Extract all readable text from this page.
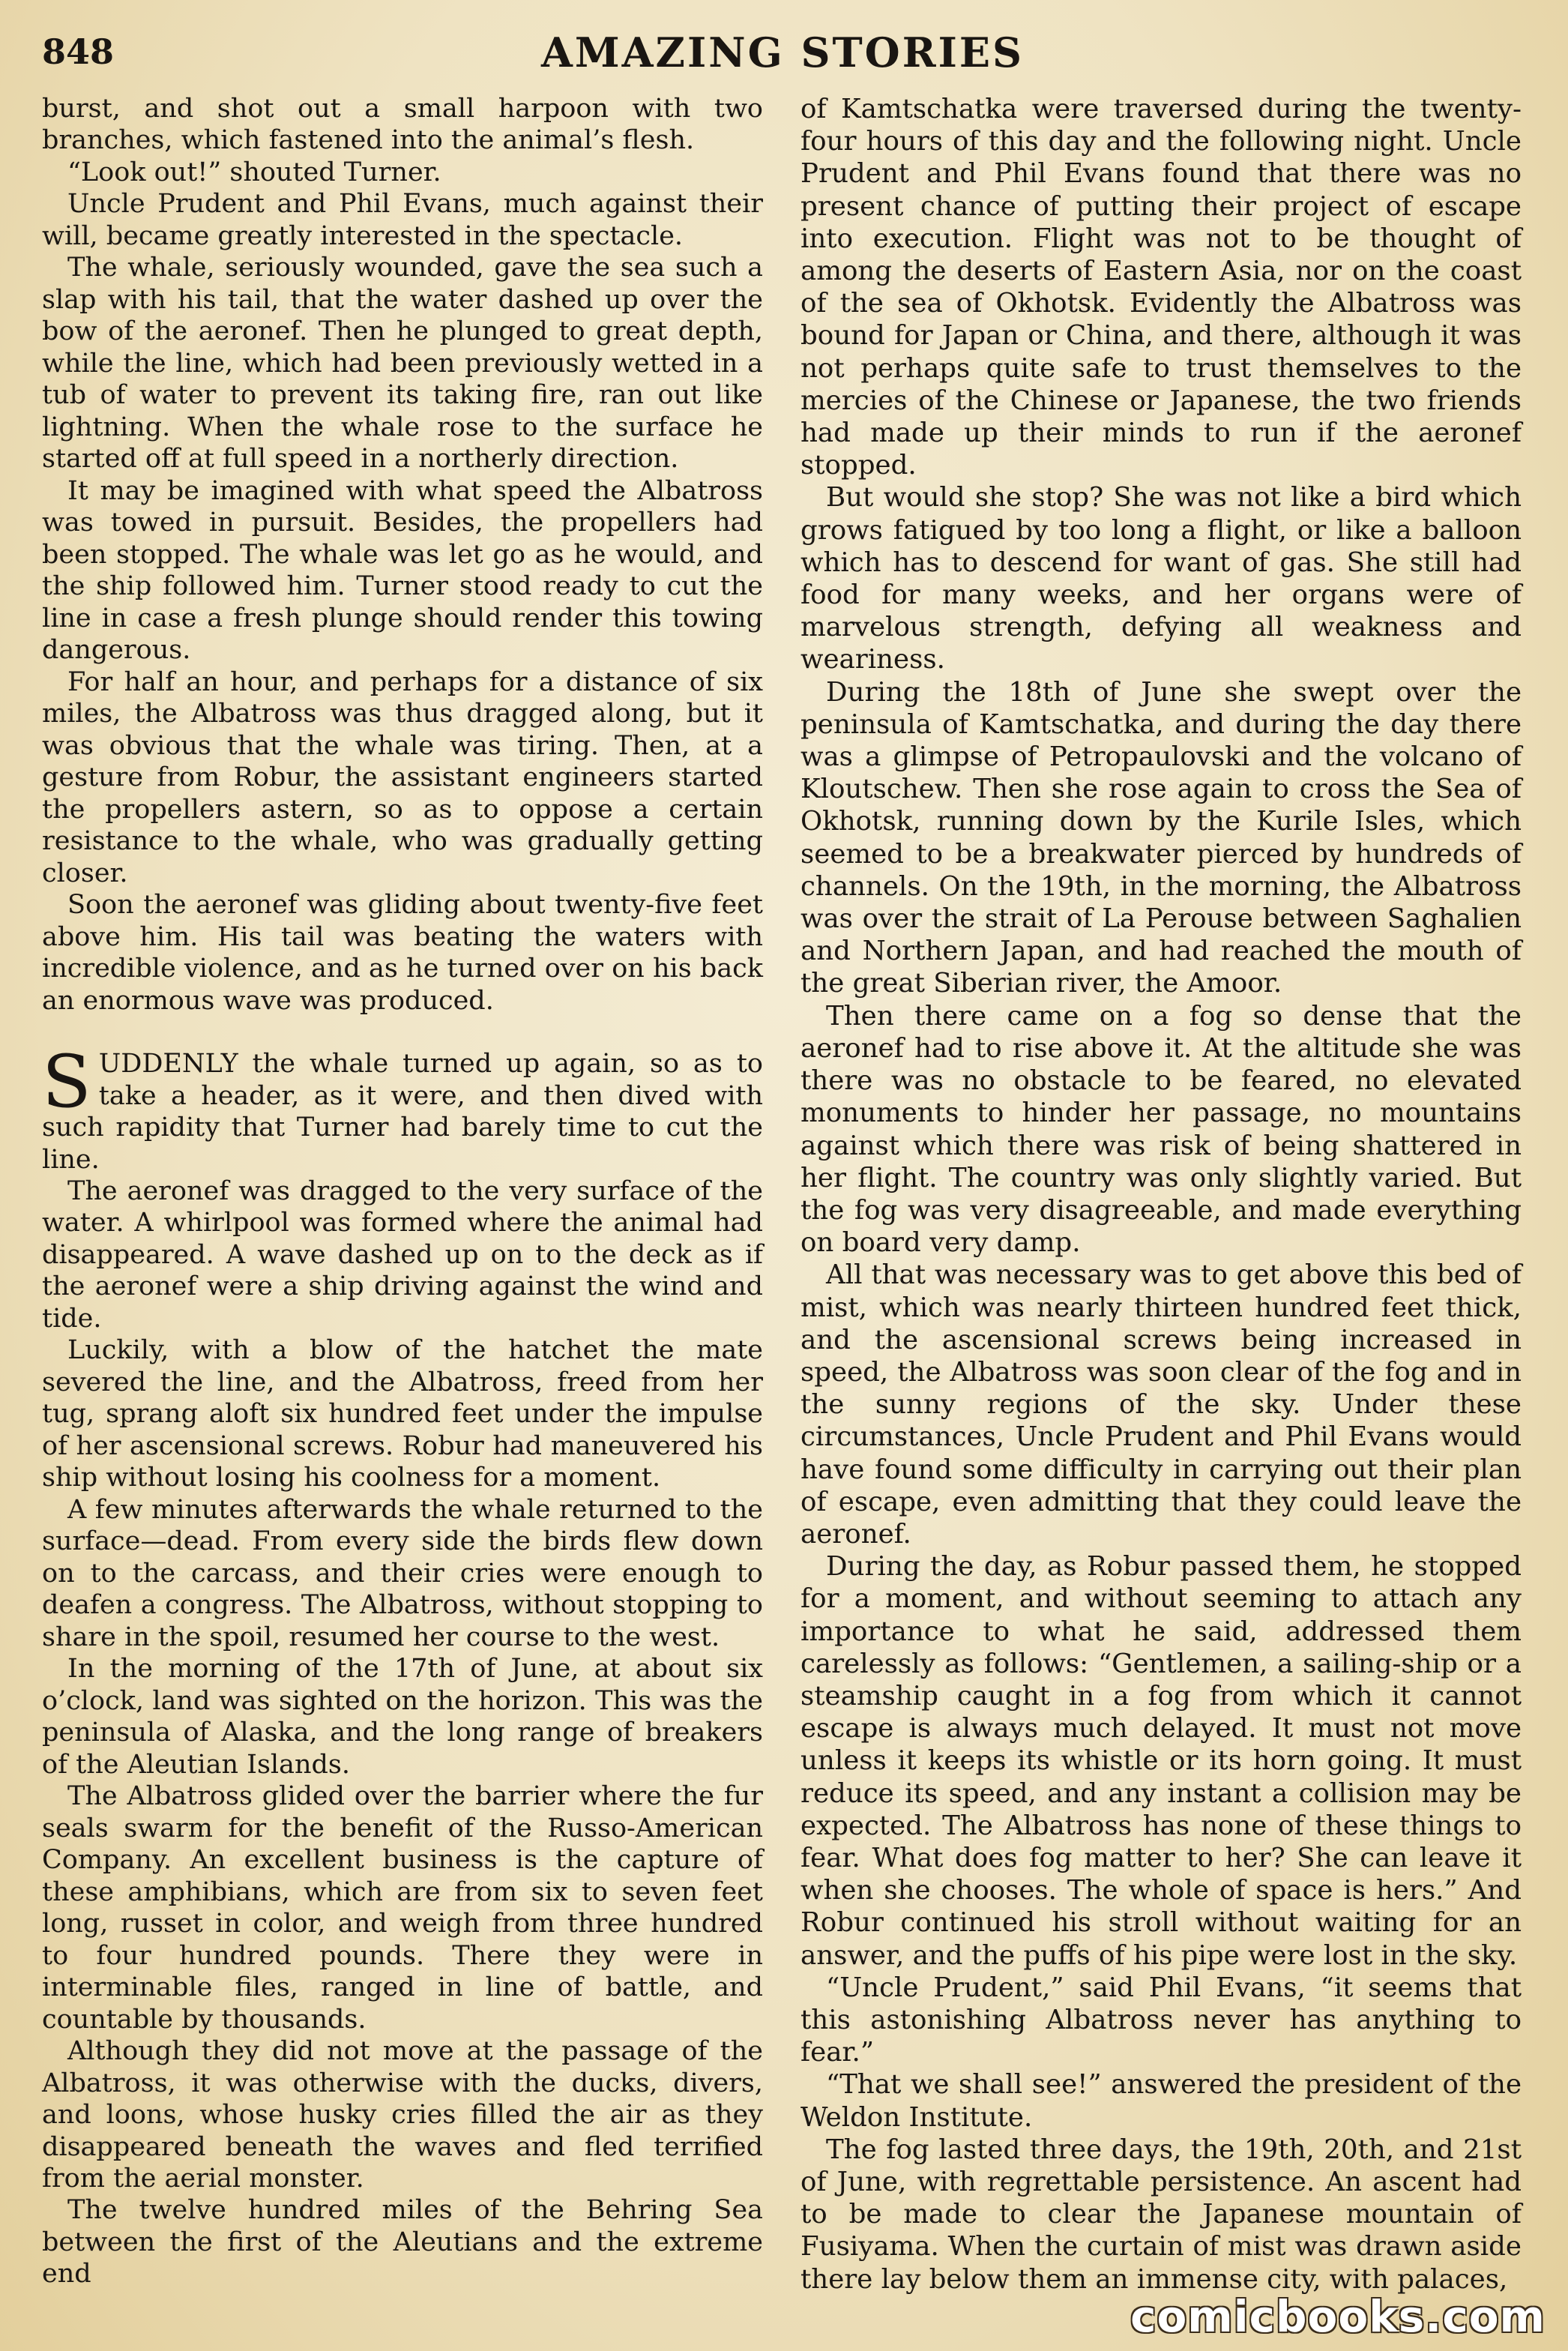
848	AMAZING STORIES

burst, and shot out a small harpoon with two branches, which fastened into the animal’s flesh.

“Look out!” shouted Turner.

Uncle Prudent and Phil Evans, much against their will, became greatly interested in the spectacle.

The whale, seriously wounded, gave the sea such a slap with his tail, that the water dashed up over the bow of the aeronef. Then he plunged to great depth, while the line, which had been previously wetted in a tub of water to prevent its taking fire, ran out like lightning. When the whale rose to the surface he started off at full speed in a northerly direction.

It may be imagined with what speed the Albatross was towed in pursuit. Besides, the propellers had been stopped. The whale was let go as he would, and the ship followed him. Turner stood ready to cut the line in case a fresh plunge should render this towing dangerous.

For half an hour, and perhaps for a distance of six miles, the Albatross was thus dragged along, but it was obvious that the whale was tiring. Then, at a gesture from Robur, the assistant engineers started the propellers astern, so as to oppose a certain resistance to the whale, who was gradually getting closer.

Soon the aeronef was gliding about twenty-five feet above him. His tail was beating the waters with incredible violence, and as he turned over on his back an enormous wave was produced.

SUDDENLY the whale turned up again, so as to take a header, as it were, and then dived with such rapidity that Turner had barely time to cut the line.

The aeronef was dragged to the very surface of the water. A whirlpool was formed where the animal had disappeared. A wave dashed up on to the deck as if the aeronef were a ship driving against the wind and tide.

Luckily, with a blow of the hatchet the mate severed the line, and the Albatross, freed from her tug, sprang aloft six hundred feet under the impulse of her ascensional screws. Robur had maneuvered his ship without losing his coolness for a moment.

A few minutes afterwards the whale returned to the surface—dead. From every side the birds flew down on to the carcass, and their cries were enough to deafen a congress. The Albatross, without stopping to share in the spoil, resumed her course to the west.

In the morning of the 17th of June, at about six o’clock, land was sighted on the horizon. This was the peninsula of Alaska, and the long range of breakers of the Aleutian Islands.

The Albatross glided over the barrier where the fur seals swarm for the benefit of the Russo-American Company. An excellent business is the capture of these amphibians, which are from six to seven feet long, russet in color, and weigh from three hundred to four hundred pounds. There they were in interminable files, ranged in line of battle, and countable by thousands.

Although they did not move at the passage of the Albatross, it was otherwise with the ducks, divers, and loons, whose husky cries filled the air as they disappeared beneath the waves and fled terrified from the aerial monster.

The twelve hundred miles of the Behring Sea between the first of the Aleutians and the extreme end

of Kamtschatka were traversed during the twenty-four hours of this day and the following night. Uncle Prudent and Phil Evans found that there was no present chance of putting their project of escape into execution. Flight was not to be thought of among the deserts of Eastern Asia, nor on the coast of the sea of Okhotsk. Evidently the Albatross was bound for Japan or China, and there, although it was not perhaps quite safe to trust themselves to the mercies of the Chinese or Japanese, the two friends had made up their minds to run if the aeronef stopped.

But would she stop? She was not like a bird which grows fatigued by too long a flight, or like a balloon which has to descend for want of gas. She still had food for many weeks, and her organs were of marvelous strength, defying all weakness and weariness.

During the 18th of June she swept over the peninsula of Kamtschatka, and during the day there was a glimpse of Petropaulovski and the volcano of Kloutschew. Then she rose again to cross the Sea of Okhotsk, running down by the Kurile Isles, which seemed to be a breakwater pierced by hundreds of channels. On the 19th, in the morning, the Albatross was over the strait of La Perouse between Saghalien and Northern Japan, and had reached the mouth of the great Siberian river, the Amoor.

Then there came on a fog so dense that the aeronef had to rise above it. At the altitude she was there was no obstacle to be feared, no elevated monuments to hinder her passage, no mountains against which there was risk of being shattered in her flight. The country was only slightly varied. But the fog was very disagreeable, and made everything on board very damp.

All that was necessary was to get above this bed of mist, which was nearly thirteen hundred feet thick, and the ascensional screws being increased in speed, the Albatross was soon clear of the fog and in the sunny regions of the sky. Under these circumstances, Uncle Prudent and Phil Evans would have found some difficulty in carrying out their plan of escape, even admitting that they could leave the aeronef.

During the day, as Robur passed them, he stopped for a moment, and without seeming to attach any importance to what he said, addressed them carelessly as follows: “Gentlemen, a sailing-ship or a steamship caught in a fog from which it cannot escape is always much delayed. It must not move unless it keeps its whistle or its horn going. It must reduce its speed, and any instant a collision may be expected. The Albatross has none of these things to fear. What does fog matter to her? She can leave it when she chooses. The whole of space is hers.” And Robur continued his stroll without waiting for an answer, and the puffs of his pipe were lost in the sky.

“Uncle Prudent,” said Phil Evans, “it seems that this astonishing Albatross never has anything to fear.”

“That we shall see!” answered the president of the Weldon Institute.

The fog lasted three days, the 19th, 20th, and 21st of June, with regrettable persistence. An ascent had to be made to clear the Japanese mountain of Fusiyama. When the curtain of mist was drawn aside there lay below them an immense city, with palaces,

comicbooks.com
